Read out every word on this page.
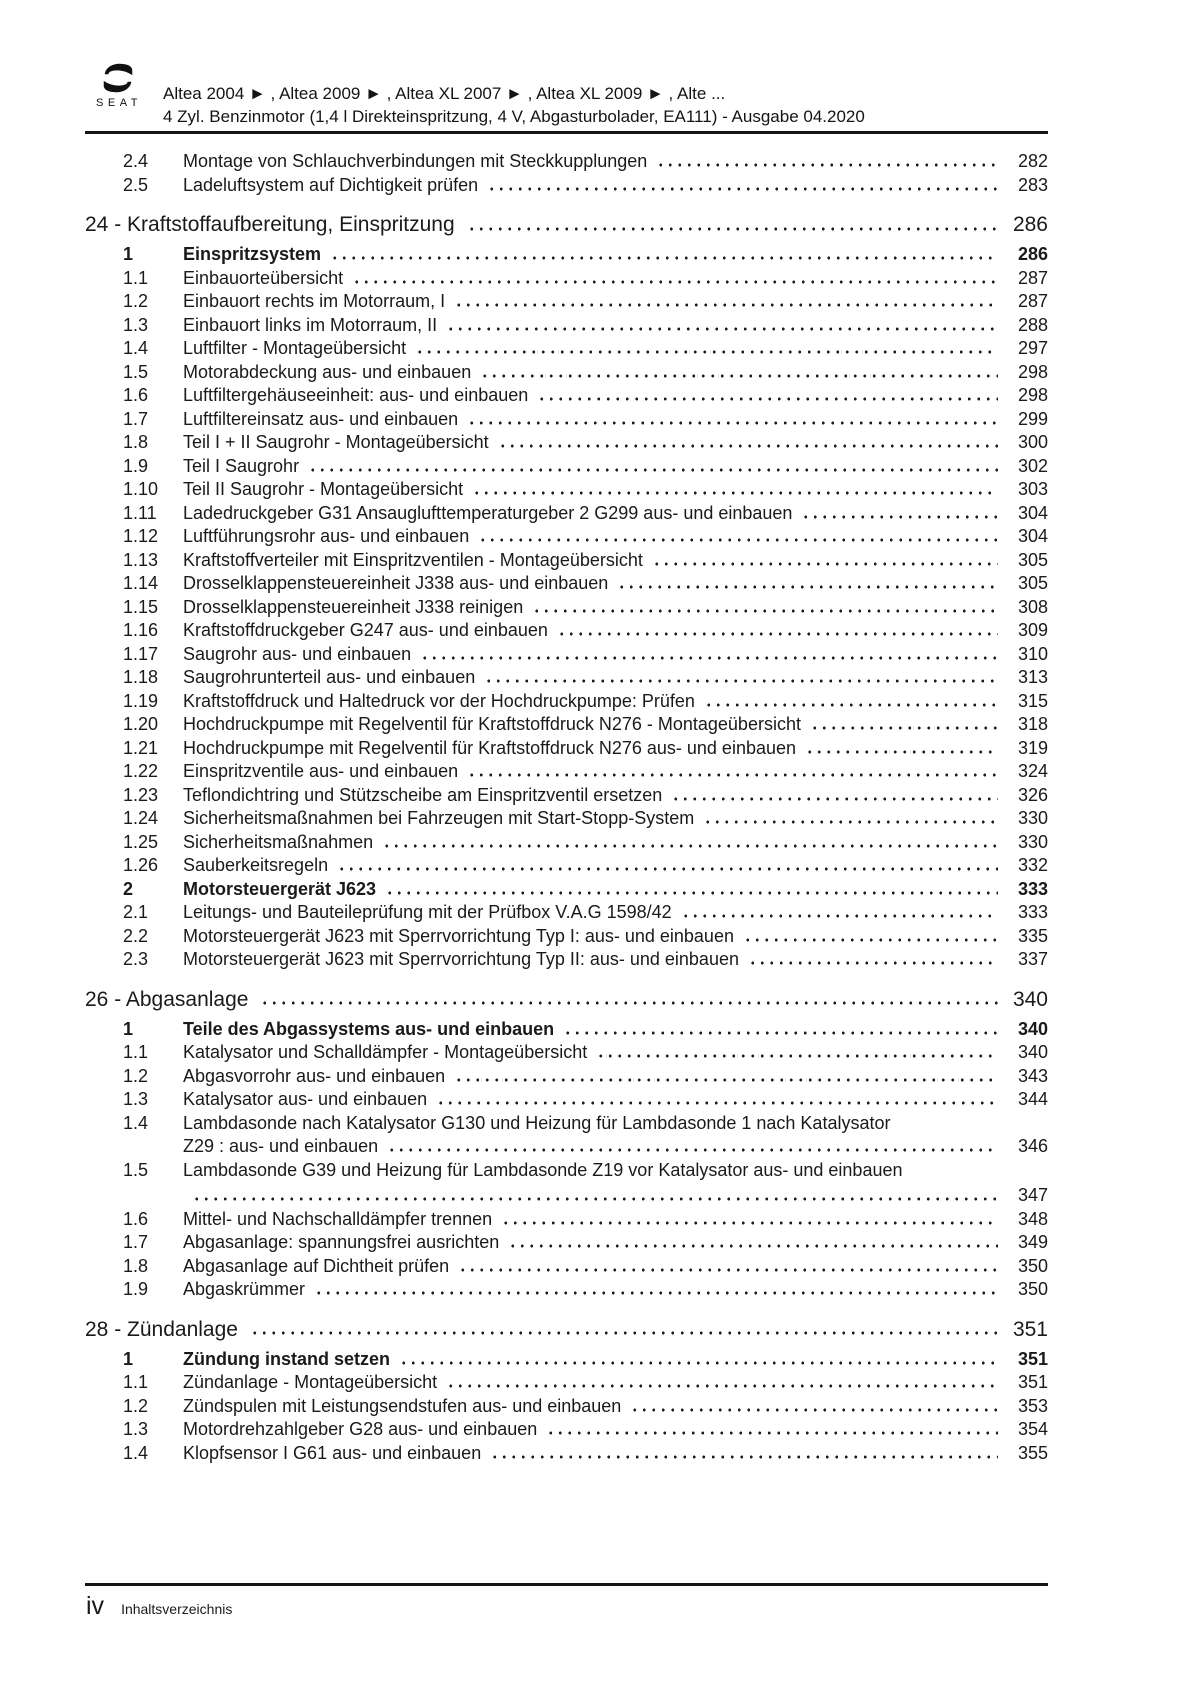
SEAT Altea 2004 ► , Altea 2009 ► , Altea XL 2007 ► , Altea XL 2009 ► , Alte ...
4 Zyl. Benzinmotor (1,4 l Direkteinspritzung, 4 V, Abgasturbolader, EA111) - Ausgabe 04.2020
2.4	Montage von Schlauchverbindungen mit Steckkupplungen	282
2.5	Ladeluftsystem auf Dichtigkeit prüfen	283
24 - Kraftstoffaufbereitung, Einspritzung	286
1	Einspritzsystem	286
1.1	Einbauorteübersicht	287
1.2	Einbauort rechts im Motorraum, I	287
1.3	Einbauort links im Motorraum, II	288
1.4	Luftfilter - Montageübersicht	297
1.5	Motorabdeckung aus- und einbauen	298
1.6	Luftfiltergehäuseeinheit: aus- und einbauen	298
1.7	Luftfiltereinsatz aus- und einbauen	299
1.8	Teil I + II Saugrohr - Montageübersicht	300
1.9	Teil I Saugrohr	302
1.10	Teil II Saugrohr - Montageübersicht	303
1.11	Ladedruckgeber G31 Ansauglufttemperaturgeber 2 G299 aus- und einbauen	304
1.12	Luftführungsrohr aus- und einbauen	304
1.13	Kraftstoffverteiler mit Einspritzventilen - Montageübersicht	305
1.14	Drosselklappensteuereinheit J338 aus- und einbauen	305
1.15	Drosselklappensteuereinheit J338 reinigen	308
1.16	Kraftstoffdruckgeber G247 aus- und einbauen	309
1.17	Saugrohr aus- und einbauen	310
1.18	Saugrohrunterteil aus- und einbauen	313
1.19	Kraftstoffdruck und Haltedruck vor der Hochdruckpumpe: Prüfen	315
1.20	Hochdruckpumpe mit Regelventil für Kraftstoffdruck N276 - Montageübersicht	318
1.21	Hochdruckpumpe mit Regelventil für Kraftstoffdruck N276 aus- und einbauen	319
1.22	Einspritzventile aus- und einbauen	324
1.23	Teflondichtring und Stützscheibe am Einspritzventil ersetzen	326
1.24	Sicherheitsmaßnahmen bei Fahrzeugen mit Start-Stopp-System	330
1.25	Sicherheitsmaßnahmen	330
1.26	Sauberkeitsregeln	332
2	Motorsteuergerät J623	333
2.1	Leitungs- und Bauteileprüfung mit der Prüfbox V.A.G 1598/42	333
2.2	Motorsteuergerät J623 mit Sperrvorrichtung Typ I: aus- und einbauen	335
2.3	Motorsteuergerät J623 mit Sperrvorrichtung Typ II: aus- und einbauen	337
26 - Abgasanlage	340
1	Teile des Abgassystems aus- und einbauen	340
1.1	Katalysator und Schalldämpfer - Montageübersicht	340
1.2	Abgasvorrohr aus- und einbauen	343
1.3	Katalysator aus- und einbauen	344
1.4	Lambdasonde nach Katalysator G130 und Heizung für Lambdasonde 1 nach Katalysator
Z29 : aus- und einbauen	346
1.5	Lambdasonde G39 und Heizung für Lambdasonde Z19 vor Katalysator aus- und einbauen
347
1.6	Mittel- und Nachschalldämpfer trennen	348
1.7	Abgasanlage: spannungsfrei ausrichten	349
1.8	Abgasanlage auf Dichtheit prüfen	350
1.9	Abgaskrümmer	350
28 - Zündanlage	351
1	Zündung instand setzen	351
1.1	Zündanlage - Montageübersicht	351
1.2	Zündspulen mit Leistungsendstufen aus- und einbauen	353
1.3	Motordrehzahlgeber G28 aus- und einbauen	354
1.4	Klopfsensor I G61 aus- und einbauen	355
iv Inhaltsverzeichnis
